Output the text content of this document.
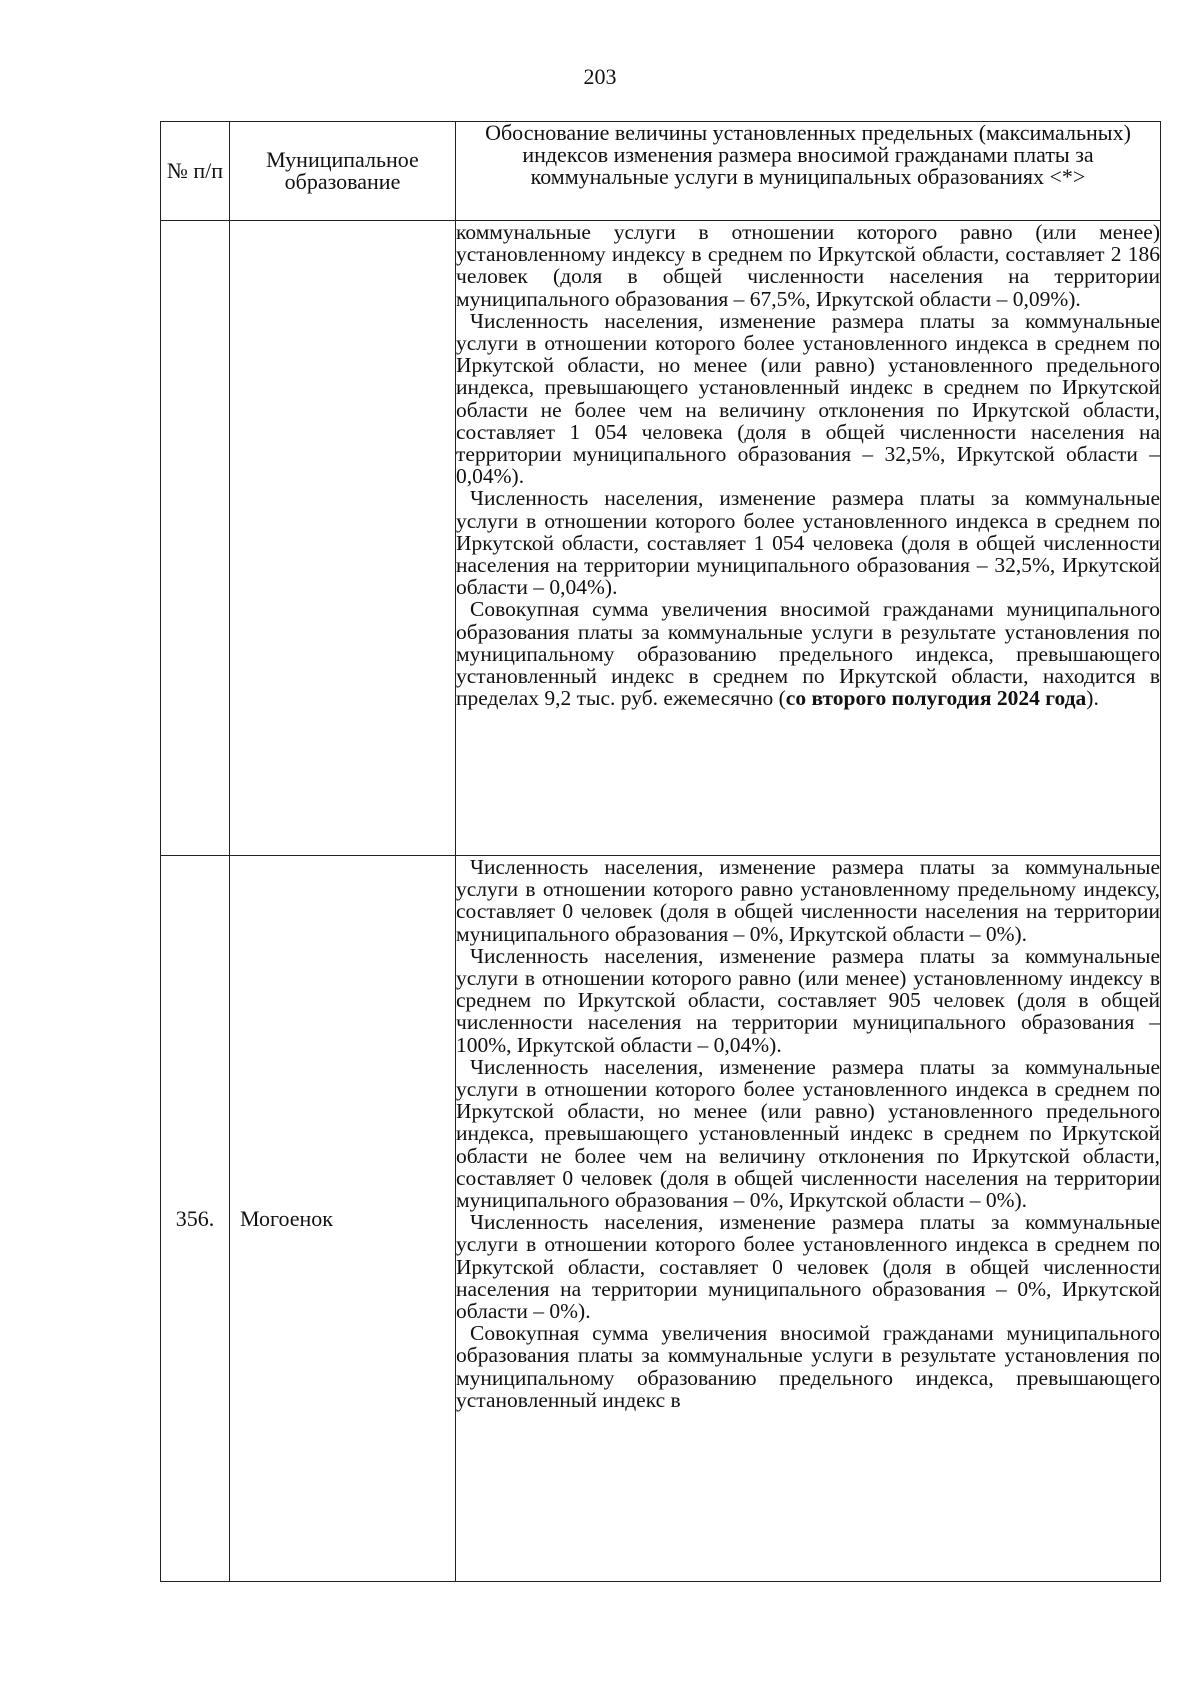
203
№ п/п	Муниципальное образование	Обоснование величины установленных предельных (максимальных) индексов изменения размера вносимой гражданами платы за коммунальные услуги в муниципальных образованиях <*>

		коммунальные услуги в отношении которого равно (или менее) установленному индексу в среднем по Иркутской области, составляет 2 186 человек (доля в общей численности населения на территории муниципального образования – 67,5%, Иркутской области – 0,09%).

Численность населения, изменение размера платы за коммунальные услуги в отношении которого более установленного индекса в среднем по Иркутской области, но менее (или равно) установленного предельного индекса, превышающего установленный индекс в среднем по Иркутской области не более чем на величину отклонения по Иркутской области, составляет 1 054 человека (доля в общей численности населения на территории муниципального образования – 32,5%, Иркутской области – 0,04%).

Численность населения, изменение размера платы за коммунальные услуги в отношении которого более установленного индекса в среднем по Иркутской области, составляет 1 054 человека (доля в общей численности населения на территории муниципального образования – 32,5%, Иркутской области – 0,04%).

Совокупная сумма увеличения вносимой гражданами муниципального образования платы за коммунальные услуги в результате установления по муниципальному образованию предельного индекса, превышающего установленный индекс в среднем по Иркутской области, находится в пределах 9,2 тыс. руб. ежемесячно (со второго полугодия 2024 года).

356.	Могоенок	Численность населения, изменение размера платы за коммунальные услуги в отношении которого равно установленному предельному индексу, составляет 0 человек (доля в общей численности населения на территории муниципального образования – 0%, Иркутской области – 0%).

Численность населения, изменение размера платы за коммунальные услуги в отношении которого равно (или менее) установленному индексу в среднем по Иркутской области, составляет 905 человек (доля в общей численности населения на территории муниципального образования – 100%, Иркутской области – 0,04%).

Численность населения, изменение размера платы за коммунальные услуги в отношении которого более установленного индекса в среднем по Иркутской области, но менее (или равно) установленного предельного индекса, превышающего установленный индекс в среднем по Иркутской области не более чем на величину отклонения по Иркутской области, составляет 0 человек (доля в общей численности населения на территории муниципального образования – 0%, Иркутской области – 0%).

Численность населения, изменение размера платы за коммунальные услуги в отношении которого более установленного индекса в среднем по Иркутской области, составляет 0 человек (доля в общей численности населения на территории муниципального образования – 0%, Иркутской области – 0%).

Совокупная сумма увеличения вносимой гражданами муниципального образования платы за коммунальные услуги в результате установления по муниципальному образованию предельного индекса, превышающего установленный индекс в
